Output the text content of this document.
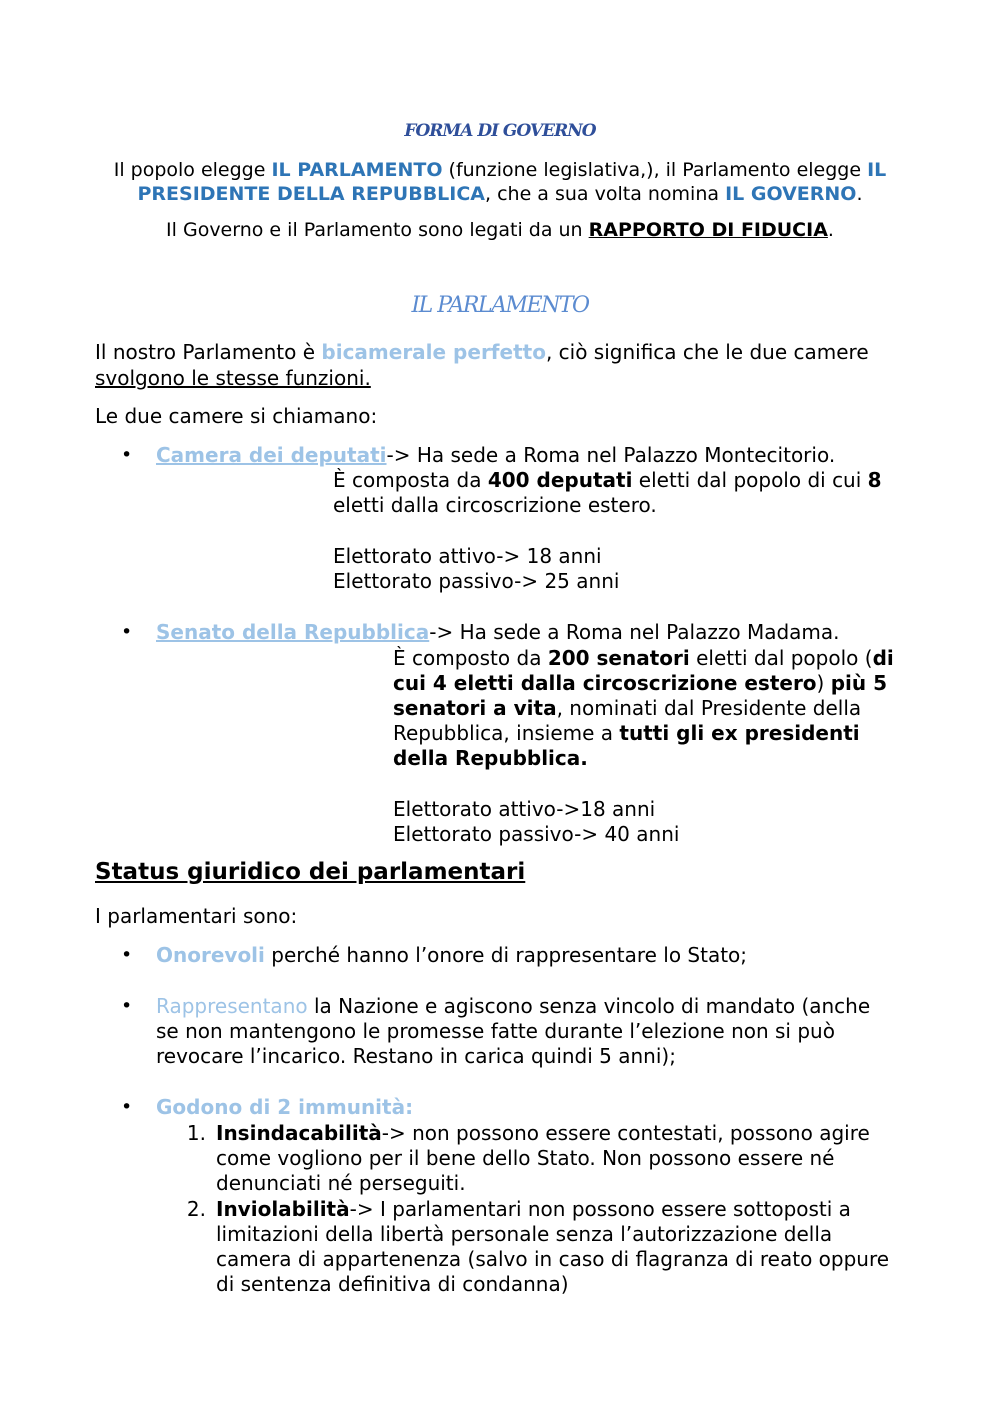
FORMA DI GOVERNO
Il popolo elegge IL PARLAMENTO (funzione legislativa,), il Parlamento elegge IL
PRESIDENTE DELLA REPUBBLICA, che a sua volta nomina IL GOVERNO.
Il Governo e il Parlamento sono legati da un RAPPORTO DI FIDUCIA.
IL PARLAMENTO
Il nostro Parlamento è bicamerale perfetto, ciò significa che le due camere
svolgono le stesse funzioni.
Le due camere si chiamano:
• Camera dei deputati-> Ha sede a Roma nel Palazzo Montecitorio.
È composta da 400 deputati eletti dal popolo di cui 8
eletti dalla circoscrizione estero.
Elettorato attivo-> 18 anni
Elettorato passivo-> 25 anni
• Senato della Repubblica-> Ha sede a Roma nel Palazzo Madama.
È composto da 200 senatori eletti dal popolo (di
cui 4 eletti dalla circoscrizione estero) più 5
senatori a vita, nominati dal Presidente della
Repubblica, insieme a tutti gli ex presidenti
della Repubblica.
Elettorato attivo->18 anni
Elettorato passivo-> 40 anni
Status giuridico dei parlamentari
I parlamentari sono:
• Onorevoli perché hanno l’onore di rappresentare lo Stato;
• Rappresentano la Nazione e agiscono senza vincolo di mandato (anche
se non mantengono le promesse fatte durante l’elezione non si può
revocare l’incarico. Restano in carica quindi 5 anni);
• Godono di 2 immunità:
1. Insindacabilità-> non possono essere contestati, possono agire
come vogliono per il bene dello Stato. Non possono essere né
denunciati né perseguiti.
2. Inviolabilità-> I parlamentari non possono essere sottoposti a
limitazioni della libertà personale senza l’autorizzazione della
camera di appartenenza (salvo in caso di flagranza di reato oppure
di sentenza definitiva di condanna)
